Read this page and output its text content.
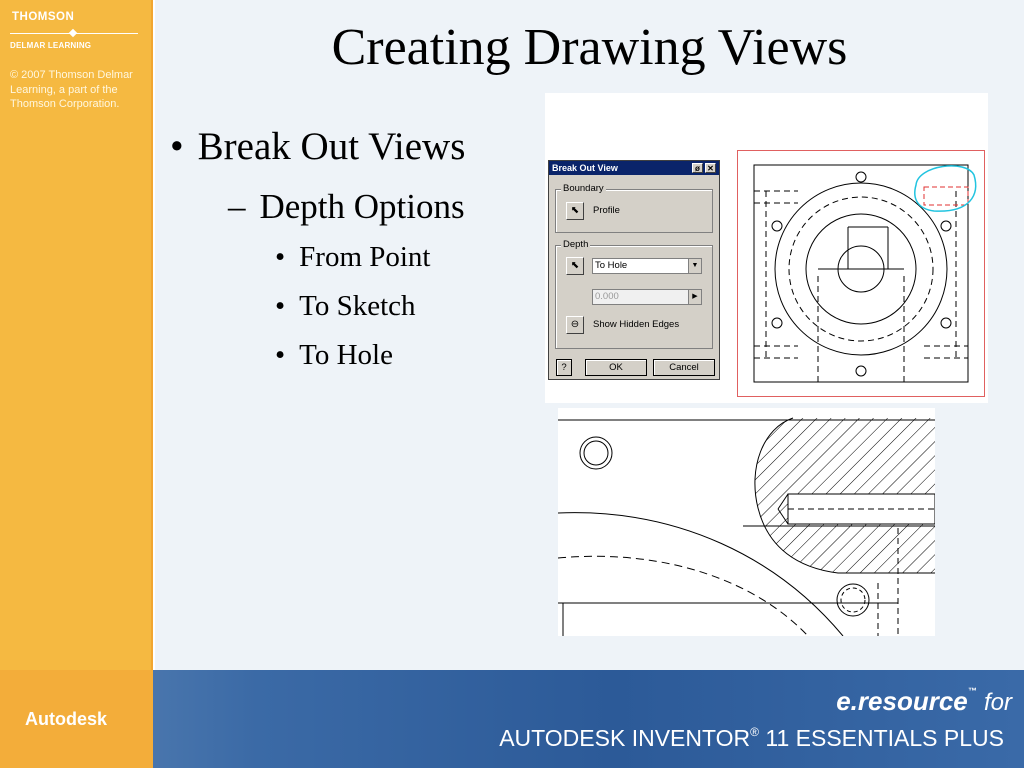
THOMSON
DELMAR LEARNING
© 2007 Thomson Delmar Learning, a part of the Thomson Corporation.
Creating Drawing Views
• Break Out Views
– Depth Options
• From Point
• To Sketch
• To Hole
Break Out View	ø ✕
Boundary
⬉	Profile
Depth
⬉	To Hole	▼
0.000	▶
⊖	Show Hidden Edges
?	OK	Cancel
Autodesk
e.resource™ for
AUTODESK INVENTOR® 11 ESSENTIALS PLUS
